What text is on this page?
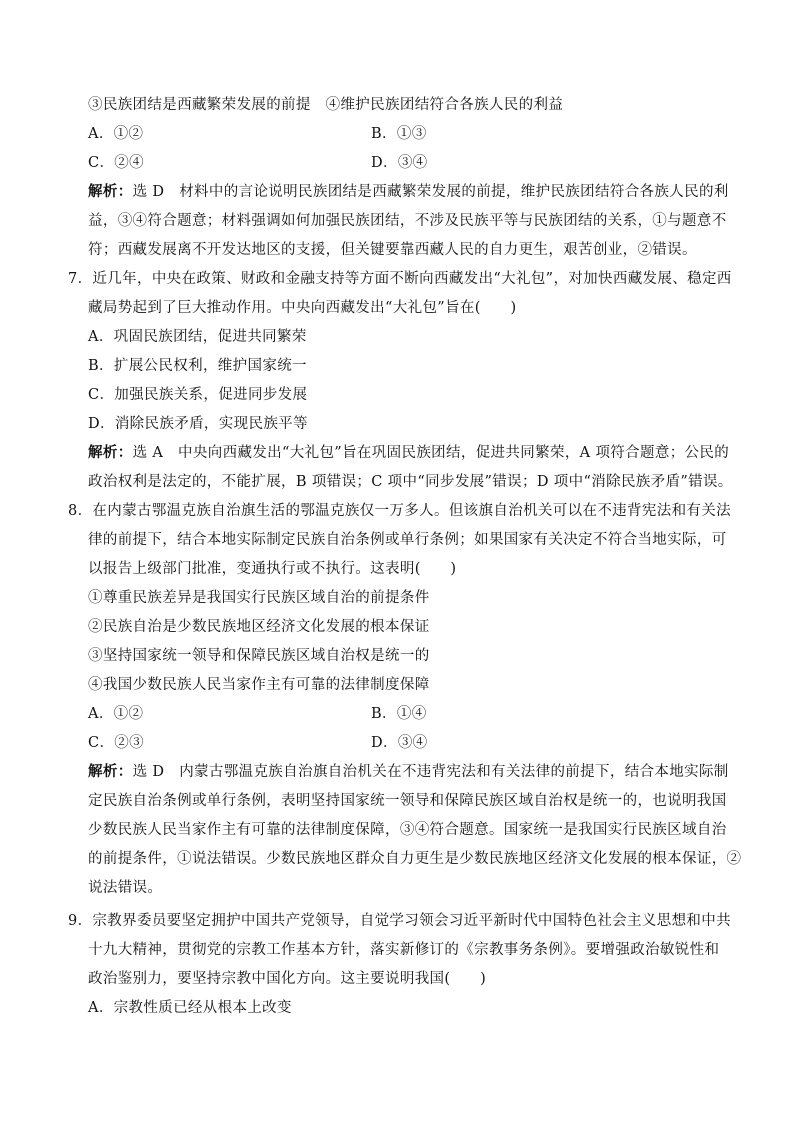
③民族团结是西藏繁荣发展的前提　④维护民族团结符合各族人民的利益
A．①②	B．①③
C．②④	D．③④
解析：选 D　材料中的言论说明民族团结是西藏繁荣发展的前提，维护民族团结符合各族人民的利
益，③④符合题意；材料强调如何加强民族团结，不涉及民族平等与民族团结的关系，①与题意不
符；西藏发展离不开发达地区的支援，但关键要靠西藏人民的自力更生，艰苦创业，②错误。
7．近几年，中央在政策、财政和金融支持等方面不断向西藏发出“大礼包”，对加快西藏发展、稳定西
藏局势起到了巨大推动作用。中央向西藏发出“大礼包”旨在(　　)
A．巩固民族团结，促进共同繁荣
B．扩展公民权利，维护国家统一
C．加强民族关系，促进同步发展
D．消除民族矛盾，实现民族平等
解析：选 A　中央向西藏发出“大礼包”旨在巩固民族团结，促进共同繁荣，A 项符合题意；公民的
政治权利是法定的，不能扩展，B 项错误；C 项中“同步发展”错误；D 项中“消除民族矛盾”错误。
8．在内蒙古鄂温克族自治旗生活的鄂温克族仅一万多人。但该旗自治机关可以在不违背宪法和有关法
律的前提下，结合本地实际制定民族自治条例或单行条例；如果国家有关决定不符合当地实际，可
以报告上级部门批准，变通执行或不执行。这表明(　　)
①尊重民族差异是我国实行民族区域自治的前提条件
②民族自治是少数民族地区经济文化发展的根本保证
③坚持国家统一领导和保障民族区域自治权是统一的
④我国少数民族人民当家作主有可靠的法律制度保障
A．①②	B．①④
C．②③	D．③④
解析：选 D　内蒙古鄂温克族自治旗自治机关在不违背宪法和有关法律的前提下，结合本地实际制
定民族自治条例或单行条例，表明坚持国家统一领导和保障民族区域自治权是统一的，也说明我国
少数民族人民当家作主有可靠的法律制度保障，③④符合题意。国家统一是我国实行民族区域自治
的前提条件，①说法错误。少数民族地区群众自力更生是少数民族地区经济文化发展的根本保证，②
说法错误。
9．宗教界委员要坚定拥护中国共产党领导，自觉学习领会习近平新时代中国特色社会主义思想和中共
十九大精神，贯彻党的宗教工作基本方针，落实新修订的《宗教事务条例》。要增强政治敏锐性和
政治鉴别力，要坚持宗教中国化方向。这主要说明我国(　　)
A．宗教性质已经从根本上改变
